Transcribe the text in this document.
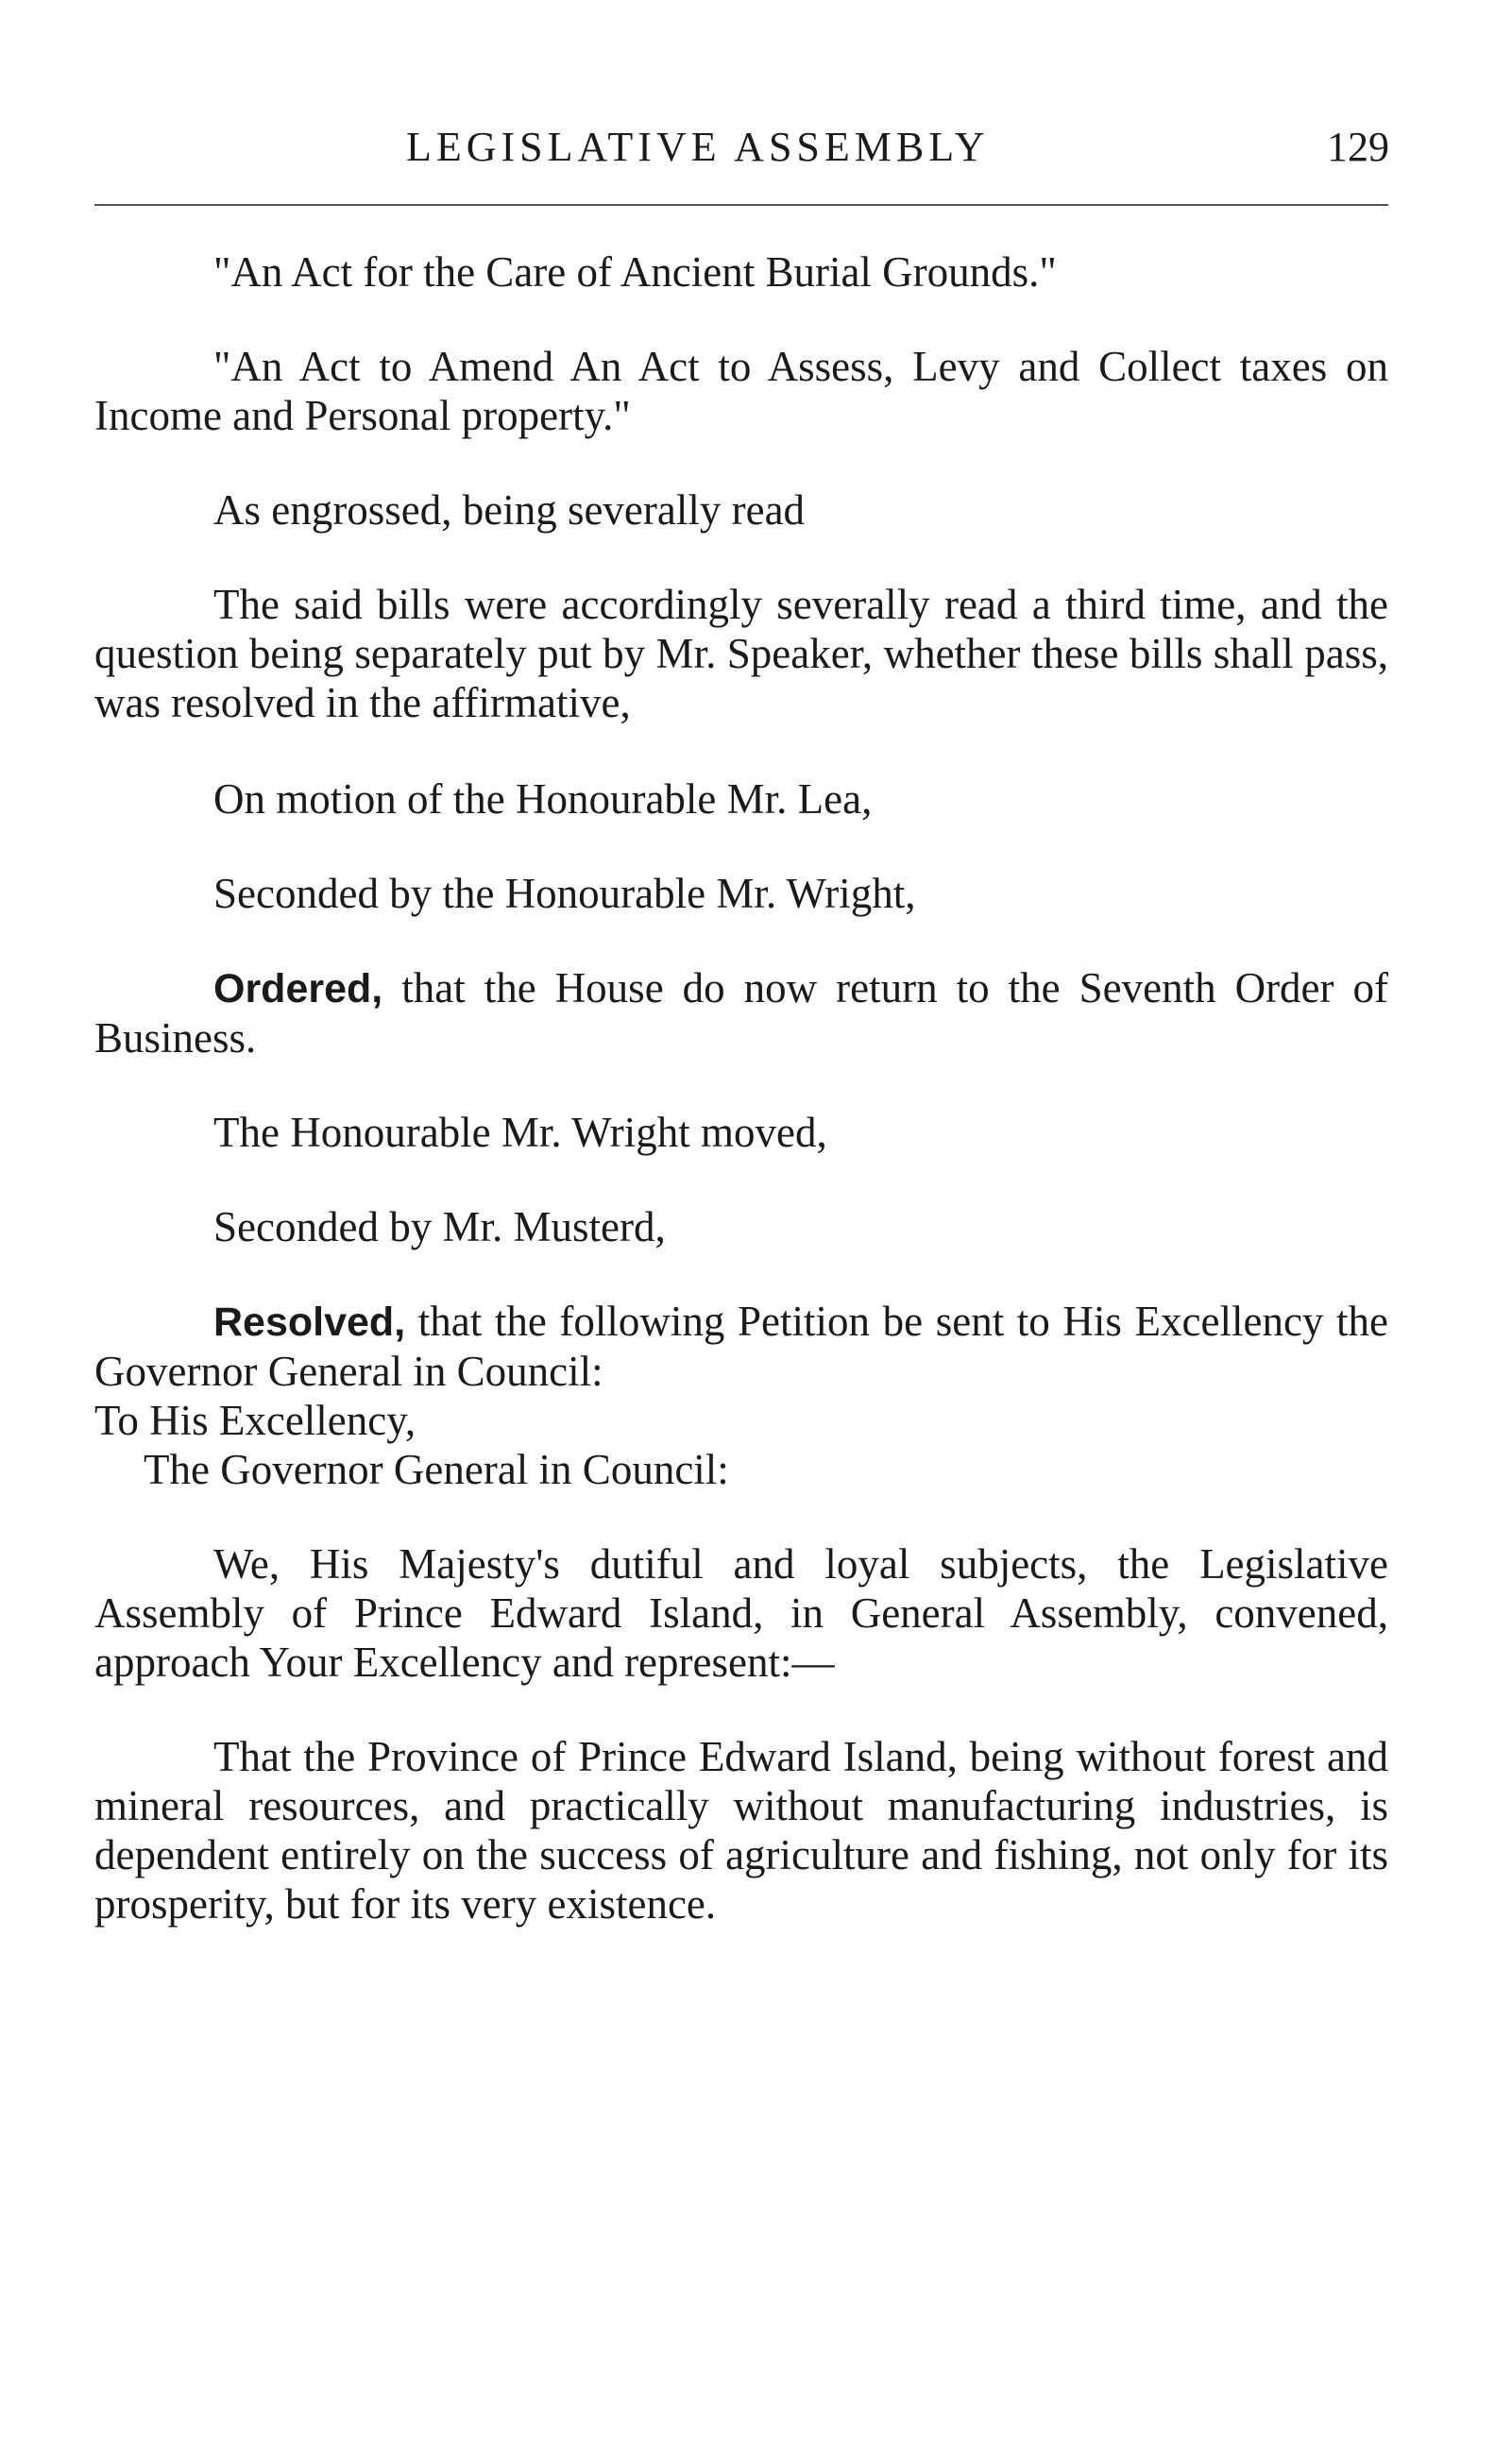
LEGISLATIVE ASSEMBLY	129

"An Act for the Care of Ancient Burial Grounds."

"An Act to Amend An Act to Assess, Levy and Collect taxes on Income and Personal property."

As engrossed, being severally read

The said bills were accordingly severally read a third time, and the question being separately put by Mr. Speaker, whether these bills shall pass, was resolved in the affirmative,

On motion of the Honourable Mr. Lea,

Seconded by the Honourable Mr. Wright,

Ordered, that the House do now return to the Seventh Order of Business.

The Honourable Mr. Wright moved,

Seconded by Mr. Musterd,

Resolved, that the following Petition be sent to His Excellency the Governor General in Council:

To His Excellency,

The Governor General in Council:

We, His Majesty's dutiful and loyal subjects, the Legislative Assembly of Prince Edward Island, in General Assembly, convened, approach Your Excellency and represent:—

That the Province of Prince Edward Island, being without forest and mineral resources, and practically without manufacturing industries, is dependent entirely on the success of agriculture and fishing, not only for its prosperity, but for its very existence.
